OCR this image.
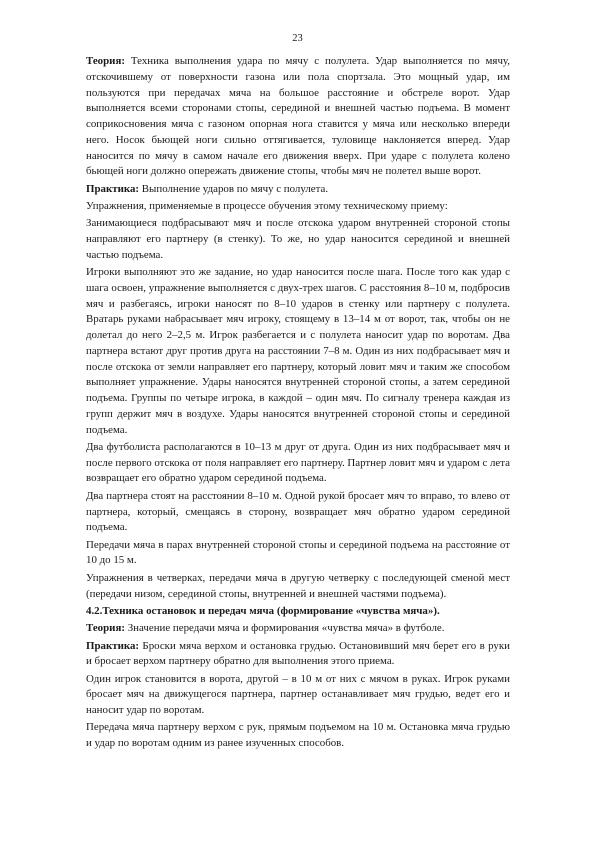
23

Теория: Техника выполнения удара по мячу с полулета. Удар выполняется по мячу, отскочившему от поверхности газона или пола спортзала. Это мощный удар, им пользуются при передачах мяча на большое расстояние и обстреле ворот. Удар выполняется всеми сторонами стопы, серединой и внешней частью подъема. В момент соприкосновения мяча с газоном опорная нога ставится у мяча или несколько впереди него. Носок бьющей ноги сильно оттягивается, туловище наклоняется вперед. Удар наносится по мячу в самом начале его движения вверх. При ударе с полулета колено бьющей ноги должно опережать движение стопы, чтобы мяч не полетел выше ворот.

Практика: Выполнение ударов по мячу с полулета.

Упражнения, применяемые в процессе обучения этому техническому приему:

Занимающиеся подбрасывают мяч и после отскока ударом внутренней стороной стопы направляют его партнеру (в стенку). То же, но удар наносится серединой и внешней частью подъема.

Игроки выполняют это же задание, но удар наносится после шага. После того как удар с шага освоен, упражнение выполняется с двух-трех шагов. С расстояния 8–10 м, подбросив мяч и разбегаясь, игроки наносят по 8–10 ударов в стенку или партнеру с полулета. Вратарь руками набрасывает мяч игроку, стоящему в 13–14 м от ворот, так, чтобы он не долетал до него 2–2,5 м. Игрок разбегается и с полулета наносит удар по воротам. Два партнера встают друг против друга на расстоянии 7–8 м. Один из них подбрасывает мяч и после отскока от земли направляет его партнеру, который ловит мяч и таким же способом выполняет упражнение. Удары наносятся внутренней стороной стопы, а затем серединой подъема. Группы по четыре игрока, в каждой – один мяч. По сигналу тренера каждая из групп держит мяч в воздухе. Удары наносятся внутренней стороной стопы и серединой подъема.

Два футболиста располагаются в 10–13 м друг от друга. Один из них подбрасывает мяч и после первого отскока от поля направляет его партнеру. Партнер ловит мяч и ударом с лета возвращает его обратно ударом серединой подъема.

Два партнера стоят на расстоянии 8–10 м. Одной рукой бросает мяч то вправо, то влево от партнера, который, смещаясь в сторону, возвращает мяч обратно ударом серединой подъема.

Передачи мяча в парах внутренней стороной стопы и серединой подъема на расстояние от 10 до 15 м.

Упражнения в четверках, передачи мяча в другую четверку с последующей сменой мест (передачи низом, серединой стопы, внутренней и внешней частями подъема).

4.2.Техника остановок и передач мяча (формирование «чувства мяча»).

Теория: Значение передачи мяча и формирования «чувства мяча» в футболе.

Практика: Броски мяча верхом и остановка грудью. Остановивший мяч берет его в руки и бросает верхом партнеру обратно для выполнения этого приема.

Один игрок становится в ворота, другой – в 10 м от них с мячом в руках. Игрок руками бросает мяч на движущегося партнера, партнер останавливает мяч грудью, ведет его и наносит удар по воротам.

Передача мяча партнеру верхом с рук, прямым подъемом на 10 м. Остановка мяча грудью и удар по воротам одним из ранее изученных способов.
